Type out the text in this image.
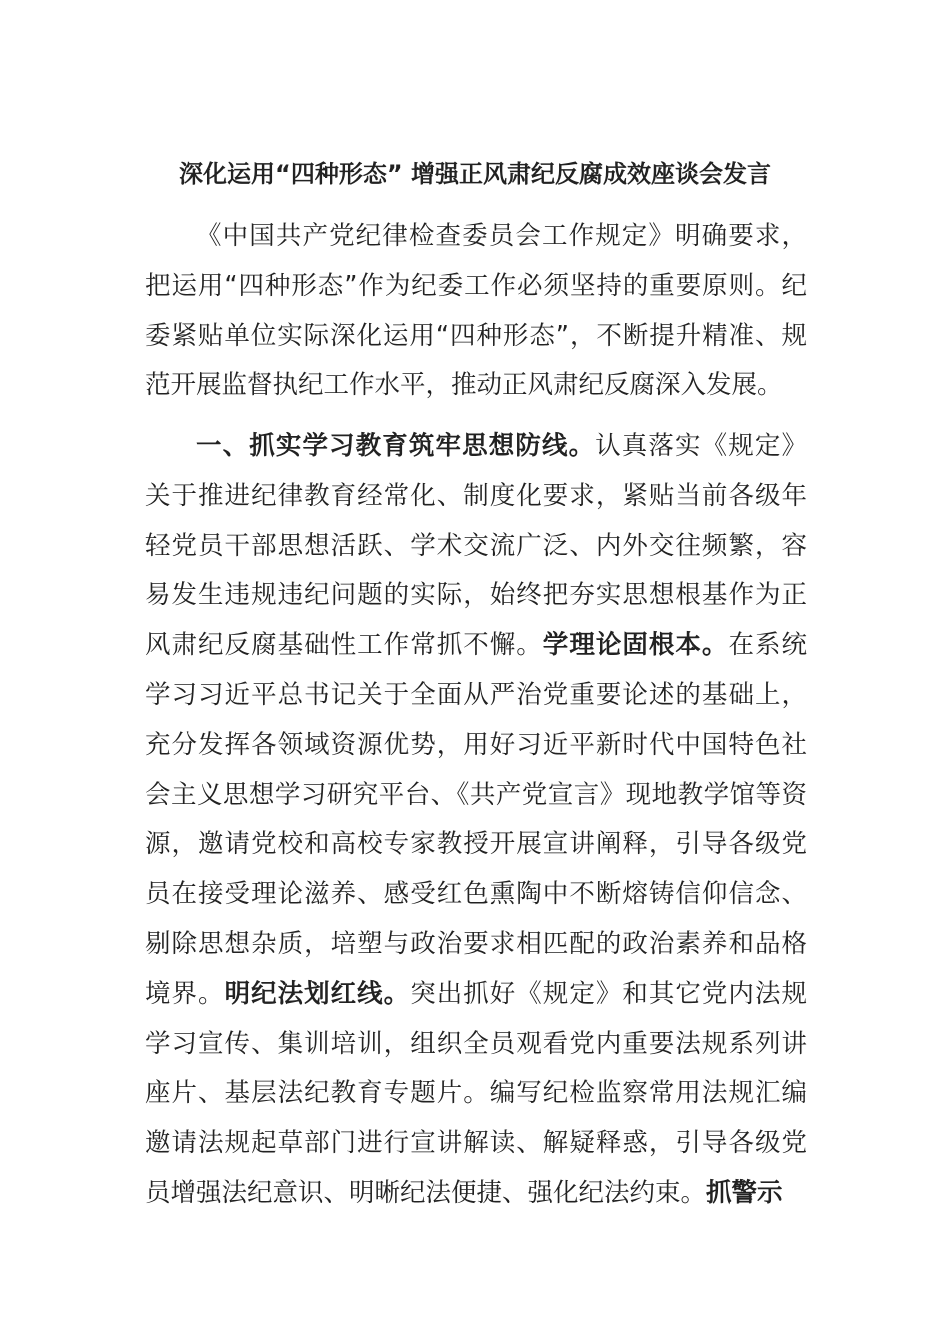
深化运用“四种形态” 增强正风肃纪反腐成效座谈会发言

《中国共产党纪律检查委员会工作规定》明确要求，把运用“四种形态”作为纪委工作必须坚持的重要原则。纪委紧贴单位实际深化运用“四种形态”，不断提升精准、规范开展监督执纪工作水平，推动正风肃纪反腐深入发展。

一、抓实学习教育筑牢思想防线。认真落实《规定》关于推进纪律教育经常化、制度化要求，紧贴当前各级年轻党员干部思想活跃、学术交流广泛、内外交往频繁，容易发生违规违纪问题的实际，始终把夯实思想根基作为正风肃纪反腐基础性工作常抓不懈。学理论固根本。在系统学习习近平总书记关于全面从严治党重要论述的基础上，充分发挥各领域资源优势，用好习近平新时代中国特色社会主义思想学习研究平台、《共产党宣言》现地教学馆等资源，邀请党校和高校专家教授开展宣讲阐释，引导各级党员在接受理论滋养、感受红色熏陶中不断熔铸信仰信念、剔除思想杂质，培塑与政治要求相匹配的政治素养和品格境界。明纪法划红线。突出抓好《规定》和其它党内法规学习宣传、集训培训，组织全员观看党内重要法规系列讲座片、基层法纪教育专题片。编写纪检监察常用法规汇编邀请法规起草部门进行宣讲解读、解疑释惑，引导各级党员增强法纪意识、明晰纪法便捷、强化纪法约束。抓警示
